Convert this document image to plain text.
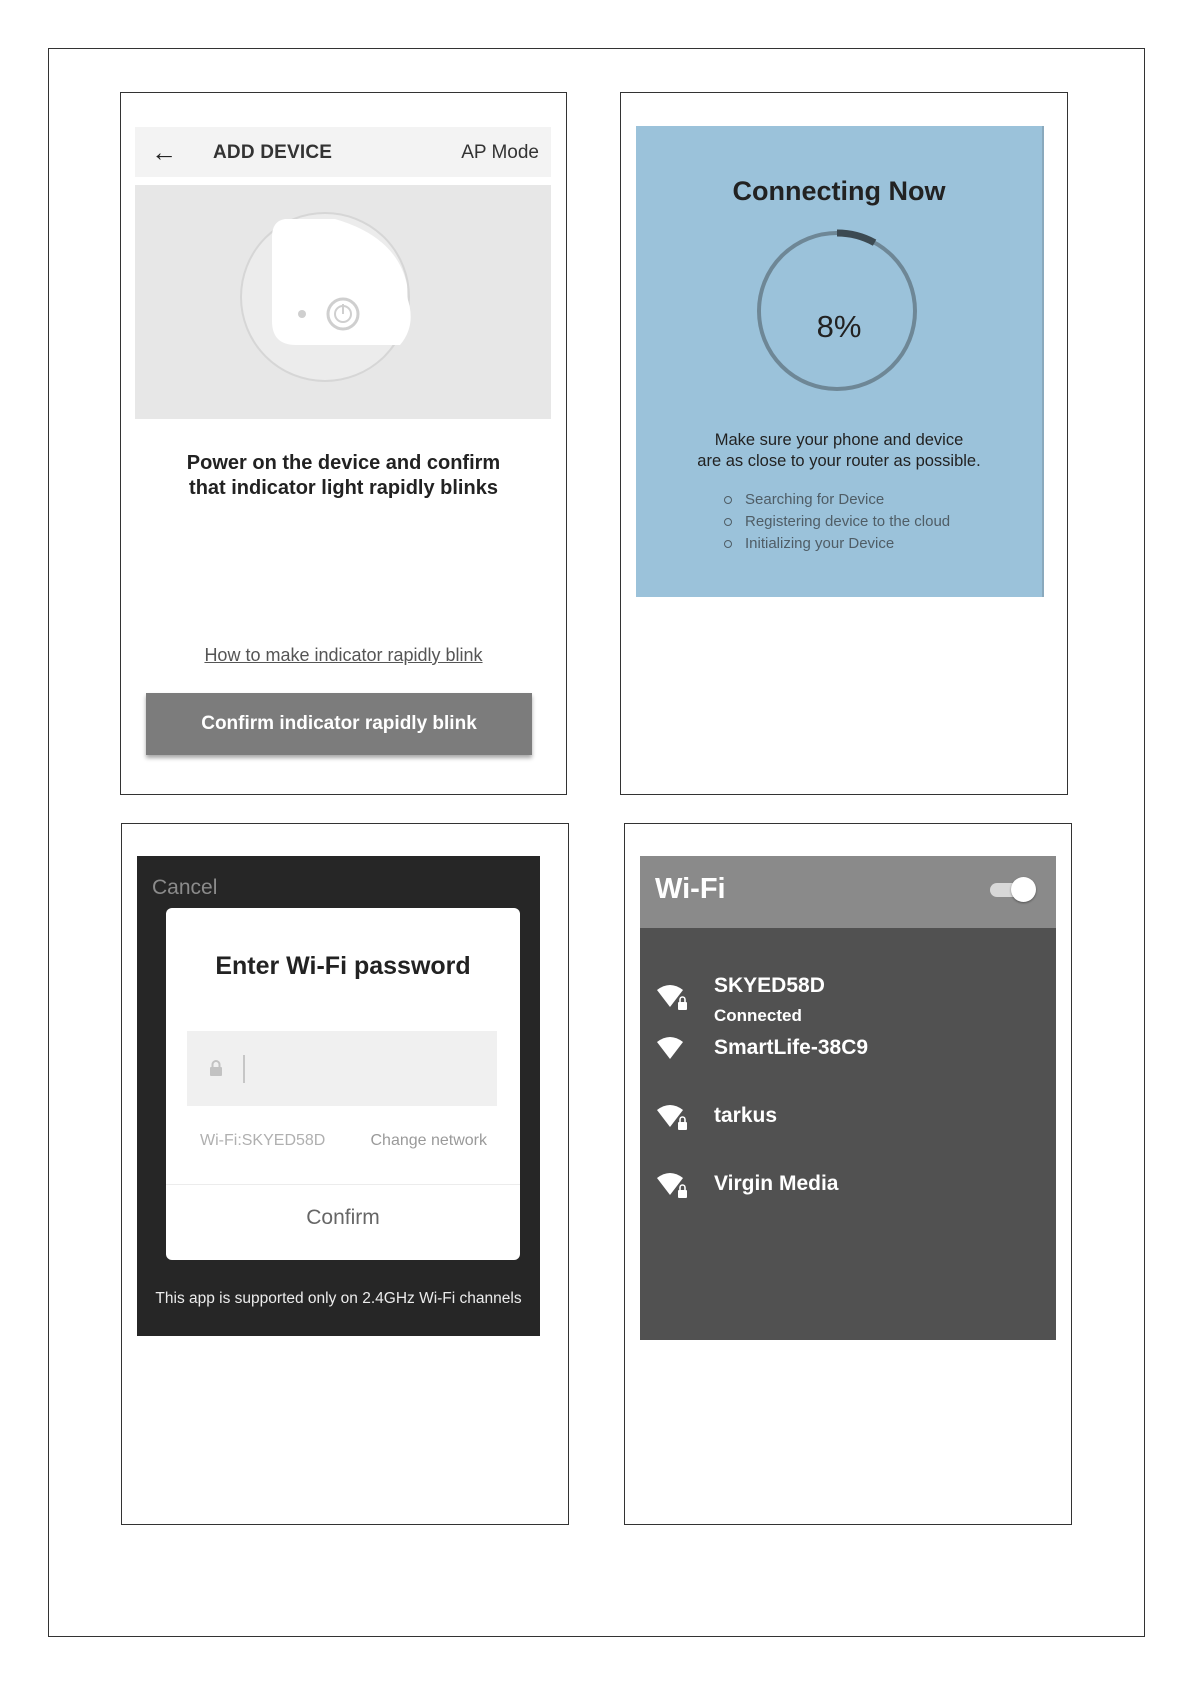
← ADD DEVICE	AP Mode
Power on the device and confirm
that indicator light rapidly blinks
How to make indicator rapidly blink
Confirm indicator rapidly blink
Connecting Now
8%
Make sure your phone and device
are as close to your router as possible.
Searching for Device
Registering device to the cloud
Initializing your Device
Cancel
Enter Wi-Fi password
Wi-Fi:SKYED58D	Change network
Confirm
This app is supported only on 2.4GHz Wi-Fi channels
Wi-Fi
SKYED58D
Connected
SmartLife-38C9
tarkus
Virgin Media
